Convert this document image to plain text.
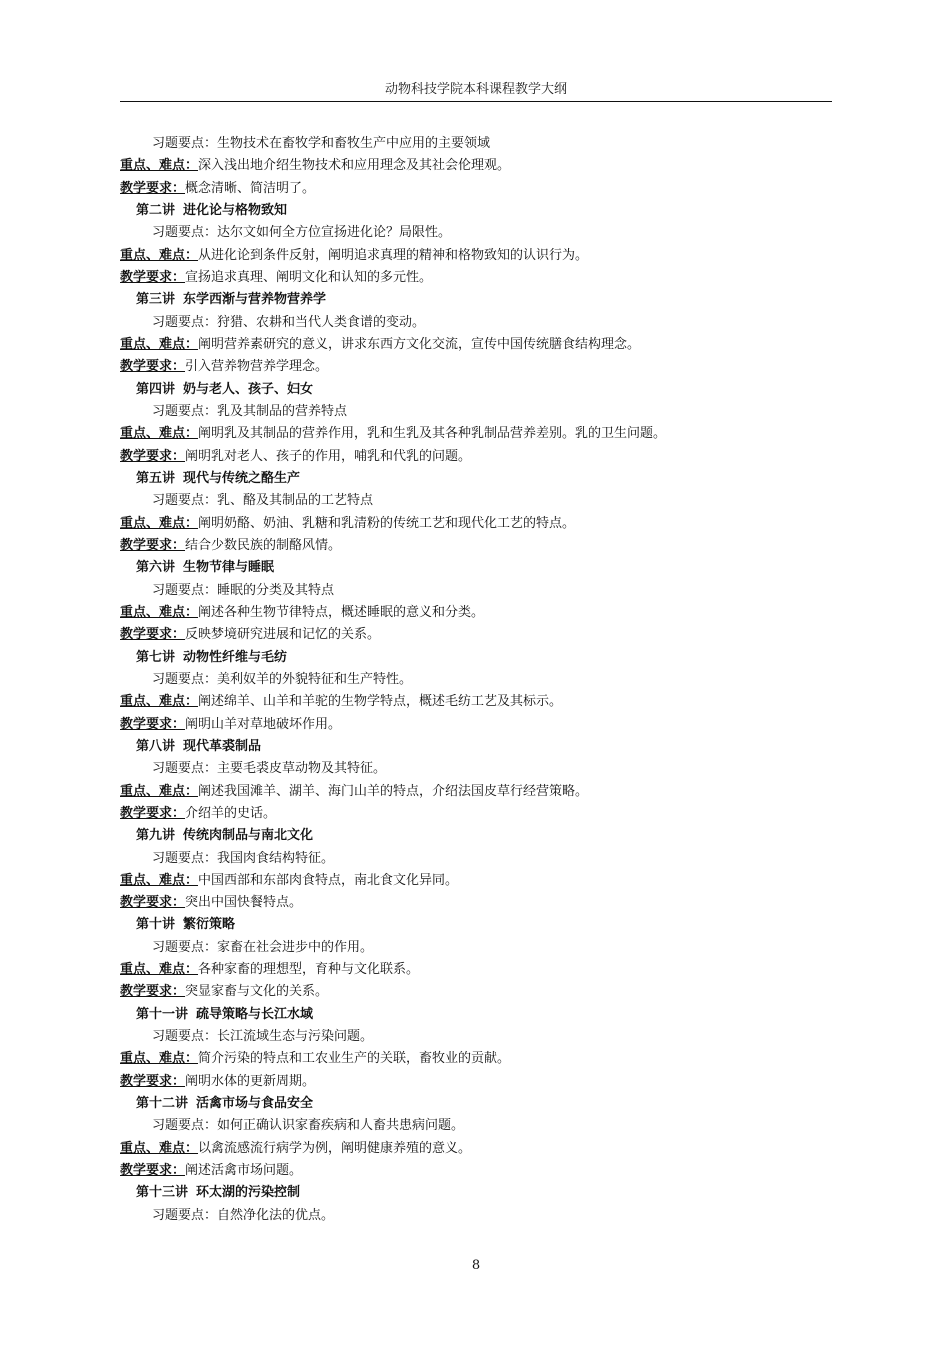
动物科技学院本科课程教学大纲
习题要点：生物技术在畜牧学和畜牧生产中应用的主要领域
重点、难点：深入浅出地介绍生物技术和应用理念及其社会伦理观。
教学要求：概念清晰、简洁明了。
第二讲 进化论与格物致知
习题要点：达尔文如何全方位宣扬进化论？局限性。
重点、难点：从进化论到条件反射，阐明追求真理的精神和格物致知的认识行为。
教学要求：宣扬追求真理、阐明文化和认知的多元性。
第三讲 东学西渐与营养物营养学
习题要点：狩猎、农耕和当代人类食谱的变动。
重点、难点：阐明营养素研究的意义，讲求东西方文化交流，宣传中国传统膳食结构理念。
教学要求：引入营养物营养学理念。
第四讲 奶与老人、孩子、妇女
习题要点：乳及其制品的营养特点
重点、难点：阐明乳及其制品的营养作用，乳和生乳及其各种乳制品营养差别。乳的卫生问题。
教学要求：阐明乳对老人、孩子的作用，哺乳和代乳的问题。
第五讲 现代与传统之酪生产
习题要点：乳、酪及其制品的工艺特点
重点、难点：阐明奶酪、奶油、乳糖和乳清粉的传统工艺和现代化工艺的特点。
教学要求：结合少数民族的制酪风情。
第六讲 生物节律与睡眠
习题要点：睡眠的分类及其特点
重点、难点：阐述各种生物节律特点，概述睡眠的意义和分类。
教学要求：反映梦境研究进展和记忆的关系。
第七讲 动物性纤维与毛纺
习题要点：美利奴羊的外貌特征和生产特性。
重点、难点：阐述绵羊、山羊和羊驼的生物学特点，概述毛纺工艺及其标示。
教学要求：阐明山羊对草地破坏作用。
第八讲 现代革裘制品
习题要点：主要毛裘皮草动物及其特征。
重点、难点：阐述我国滩羊、湖羊、海门山羊的特点，介绍法国皮草行经营策略。
教学要求：介绍羊的史话。
第九讲 传统肉制品与南北文化
习题要点：我国肉食结构特征。
重点、难点：中国西部和东部肉食特点，南北食文化异同。
教学要求：突出中国快餐特点。
第十讲 繁衍策略
习题要点：家畜在社会进步中的作用。
重点、难点：各种家畜的理想型，育种与文化联系。
教学要求：突显家畜与文化的关系。
第十一讲 疏导策略与长江水域
习题要点：长江流域生态与污染问题。
重点、难点：简介污染的特点和工农业生产的关联，畜牧业的贡献。
教学要求：阐明水体的更新周期。
第十二讲 活禽市场与食品安全
习题要点：如何正确认识家畜疾病和人畜共患病问题。
重点、难点：以禽流感流行病学为例，阐明健康养殖的意义。
教学要求：阐述活禽市场问题。
第十三讲 环太湖的污染控制
习题要点：自然净化法的优点。
8
